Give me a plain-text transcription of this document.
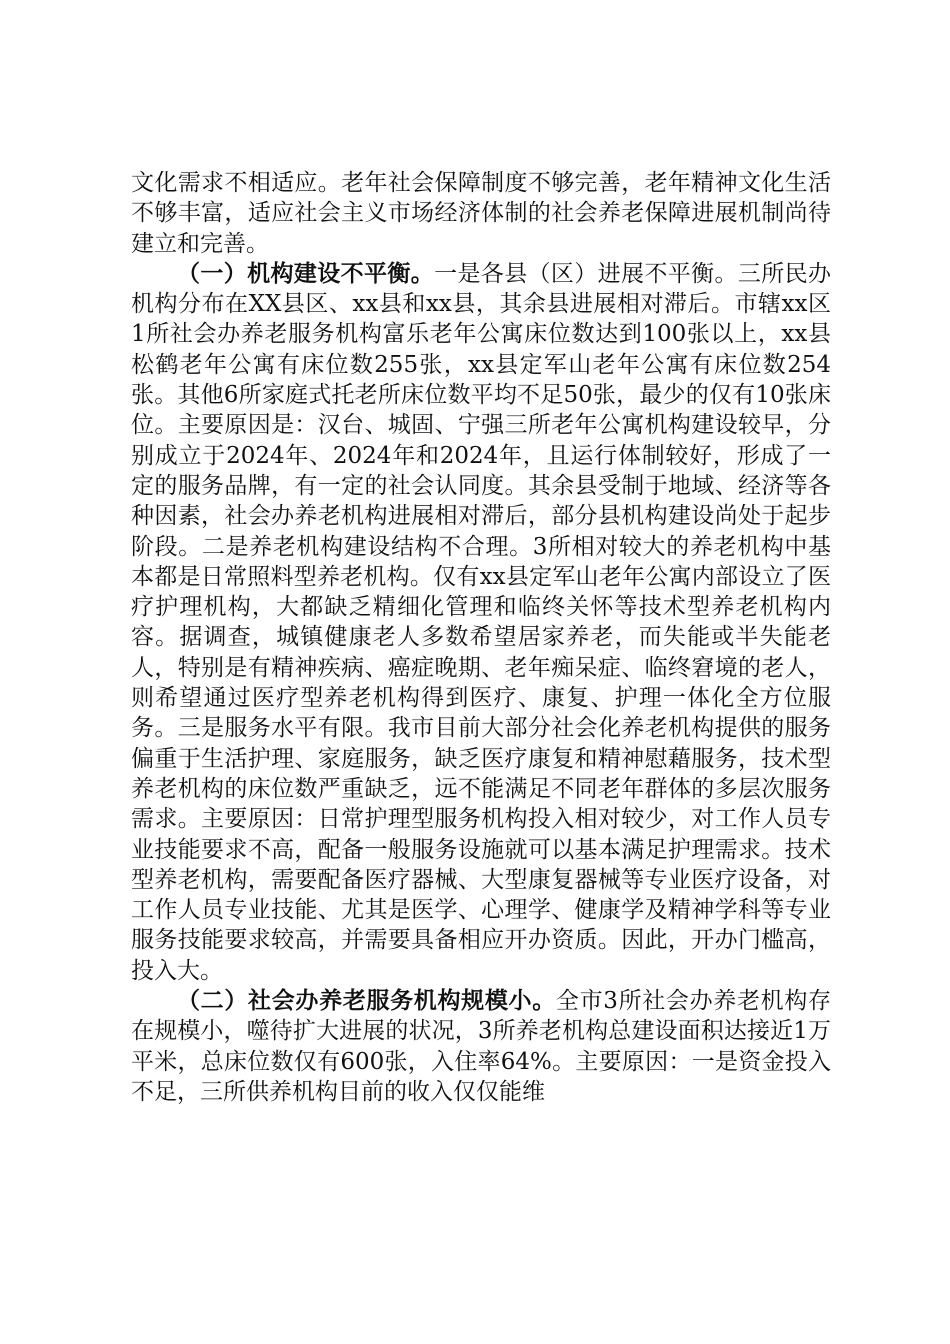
文化需求不相适应。老年社会保障制度不够完善，老年精神文化生活不够丰富，适应社会主义市场经济体制的社会养老保障进展机制尚待建立和完善。

（一）机构建设不平衡。一是各县（区）进展不平衡。三所民办机构分布在XX县区、xx县和xx县，其余县进展相对滞后。市辖xx区1所社会办养老服务机构富乐老年公寓床位数达到100张以上，xx县松鹤老年公寓有床位数255张，xx县定军山老年公寓有床位数254张。其他6所家庭式托老所床位数平均不足50张，最少的仅有10张床位。主要原因是：汉台、城固、宁强三所老年公寓机构建设较早，分别成立于2024年、2024年和2024年，且运行体制较好，形成了一定的服务品牌，有一定的社会认同度。其余县受制于地域、经济等各种因素，社会办养老机构进展相对滞后，部分县机构建设尚处于起步阶段。二是养老机构建设结构不合理。3所相对较大的养老机构中基本都是日常照料型养老机构。仅有xx县定军山老年公寓内部设立了医疗护理机构，大都缺乏精细化管理和临终关怀等技术型养老机构内容。据调查，城镇健康老人多数希望居家养老，而失能或半失能老人，特别是有精神疾病、癌症晚期、老年痴呆症、临终窘境的老人，则希望通过医疗型养老机构得到医疗、康复、护理一体化全方位服务。三是服务水平有限。我市目前大部分社会化养老机构提供的服务偏重于生活护理、家庭服务，缺乏医疗康复和精神慰藉服务，技术型养老机构的床位数严重缺乏，远不能满足不同老年群体的多层次服务需求。主要原因：日常护理型服务机构投入相对较少，对工作人员专业技能要求不高，配备一般服务设施就可以基本满足护理需求。技术型养老机构，需要配备医疗器械、大型康复器械等专业医疗设备，对工作人员专业技能、尤其是医学、心理学、健康学及精神学科等专业服务技能要求较高，并需要具备相应开办资质。因此，开办门槛高，投入大。

（二）社会办养老服务机构规模小。全市3所社会办养老机构存在规模小，噬待扩大进展的状况，3所养老机构总建设面积达接近1万平米，总床位数仅有600张，入住率64%。主要原因：一是资金投入不足，三所供养机构目前的收入仅仅能维
